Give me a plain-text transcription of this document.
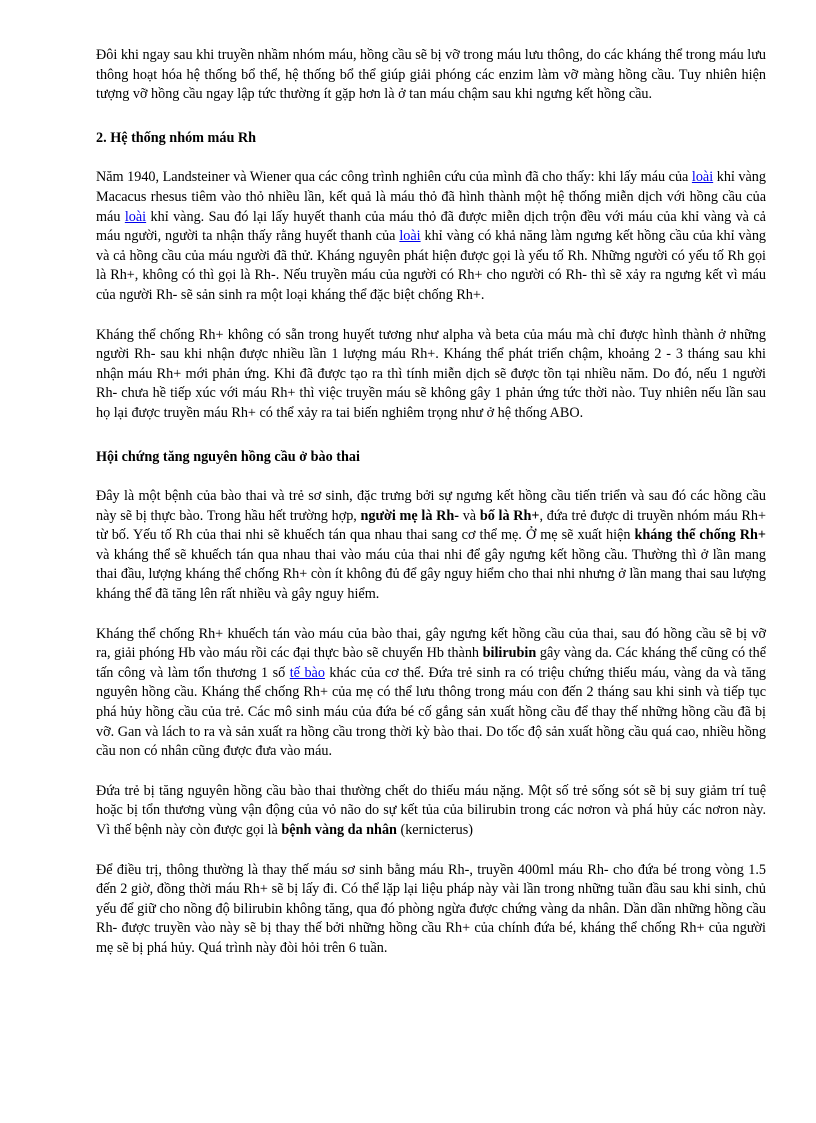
Đôi khi ngay sau khi truyền nhầm nhóm máu, hồng cầu sẽ bị vỡ trong máu lưu thông, do các kháng thể trong máu lưu thông hoạt hóa hệ thống bổ thể, hệ thống bổ thể giúp giải phóng các enzim làm vỡ màng hồng cầu. Tuy nhiên hiện tượng vỡ hồng cầu ngay lập tức thường ít gặp hơn là ở tan máu chậm sau khi ngưng kết hồng cầu.

2. Hệ thống nhóm máu Rh

Năm 1940, Landsteiner và Wiener qua các công trình nghiên cứu của mình đã cho thấy: khi lấy máu của loài khỉ vàng Macacus rhesus tiêm vào thỏ nhiều lần, kết quả là máu thỏ đã hình thành một hệ thống miễn dịch với hồng cầu của máu loài khỉ vàng. Sau đó lại lấy huyết thanh của máu thỏ đã được miễn dịch trộn đều với máu của khỉ vàng và cả máu người, người ta nhận thấy rằng huyết thanh của loài khỉ vàng có khả năng làm ngưng kết hồng cầu của khỉ vàng và cả hồng cầu của máu người đã thử. Kháng nguyên phát hiện được gọi là yếu tố Rh. Những người có yếu tố Rh gọi là Rh+, không có thì gọi là Rh-. Nếu truyền máu của người có Rh+ cho người có Rh- thì sẽ xảy ra ngưng kết vì máu của người Rh- sẽ sản sinh ra một loại kháng thể đặc biệt chống Rh+.

Kháng thể chống Rh+ không có sẵn trong huyết tương như alpha và beta của máu mà chỉ được hình thành ở những người Rh- sau khi nhận được nhiều lần 1 lượng máu Rh+. Kháng thể phát triển chậm, khoảng 2 - 3 tháng sau khi nhận máu Rh+ mới phản ứng. Khi đã được tạo ra thì tính miễn dịch sẽ được tồn tại nhiều năm. Do đó, nếu 1 người Rh- chưa hề tiếp xúc với máu Rh+ thì việc truyền máu sẽ không gây 1 phản ứng tức thời nào. Tuy nhiên nếu lần sau họ lại được truyền máu Rh+ có thể xảy ra tai biến nghiêm trọng như ở hệ thống ABO.

Hội chứng tăng nguyên hồng cầu ở bào thai

Đây là một bệnh của bào thai và trẻ sơ sinh, đặc trưng bởi sự ngưng kết hồng cầu tiến triển và sau đó các hồng cầu này sẽ bị thực bào. Trong hầu hết trường hợp, người mẹ là Rh- và bố là Rh+, đứa trẻ được di truyền nhóm máu Rh+ từ bố. Yếu tố Rh của thai nhi sẽ khuếch tán qua nhau thai sang cơ thể mẹ. Ở mẹ sẽ xuất hiện kháng thể chống Rh+ và kháng thể sẽ khuếch tán qua nhau thai vào máu của thai nhi để gây ngưng kết hồng cầu. Thường thì ở lần mang thai đầu, lượng kháng thể chống Rh+ còn ít không đủ để gây nguy hiểm cho thai nhi nhưng ở lần mang thai sau lượng kháng thể đã tăng lên rất nhiều và gây nguy hiểm.

Kháng thể chống Rh+ khuếch tán vào máu của bào thai, gây ngưng kết hồng cầu của thai, sau đó hồng cầu sẽ bị vỡ ra, giải phóng Hb vào máu rồi các đại thực bào sẽ chuyển Hb thành bilirubin gây vàng da. Các kháng thể cũng có thể tấn công và làm tổn thương 1 số tế bào khác của cơ thể. Đứa trẻ sinh ra có triệu chứng thiếu máu, vàng da và tăng nguyên hồng cầu. Kháng thể chống Rh+ của mẹ có thể lưu thông trong máu con đến 2 tháng sau khi sinh và tiếp tục phá hủy hồng cầu của trẻ. Các mô sinh máu của đứa bé cố gắng sản xuất hồng cầu để thay thế những hồng cầu đã bị vỡ. Gan và lách to ra và sản xuất ra hồng cầu trong thời kỳ bào thai. Do tốc độ sản xuất hồng cầu quá cao, nhiều hồng cầu non có nhân cũng được đưa vào máu.

Đứa trẻ bị tăng nguyên hồng cầu bào thai thường chết do thiếu máu nặng. Một số trẻ sống sót sẽ bị suy giảm trí tuệ hoặc bị tổn thương vùng vận động của vỏ não do sự kết tủa của bilirubin trong các nơron và phá hủy các nơron này. Vì thế bệnh này còn được gọi là bệnh vàng da nhân (kernicterus)

Để điều trị, thông thường là thay thế máu sơ sinh bằng máu Rh-, truyền 400ml máu Rh- cho đứa bé trong vòng 1.5 đến 2 giờ, đồng thời máu Rh+ sẽ bị lấy đi. Có thể lặp lại liệu pháp này vài lần trong những tuần đầu sau khi sinh, chủ yếu để giữ cho nồng độ bilirubin không tăng, qua đó phòng ngừa được chứng vàng da nhân. Dần dần những hồng cầu Rh- được truyền vào này sẽ bị thay thế bởi những hồng cầu Rh+ của chính đứa bé, kháng thể chống Rh+ của người mẹ sẽ bị phá hủy. Quá trình này đòi hỏi trên 6 tuần.
